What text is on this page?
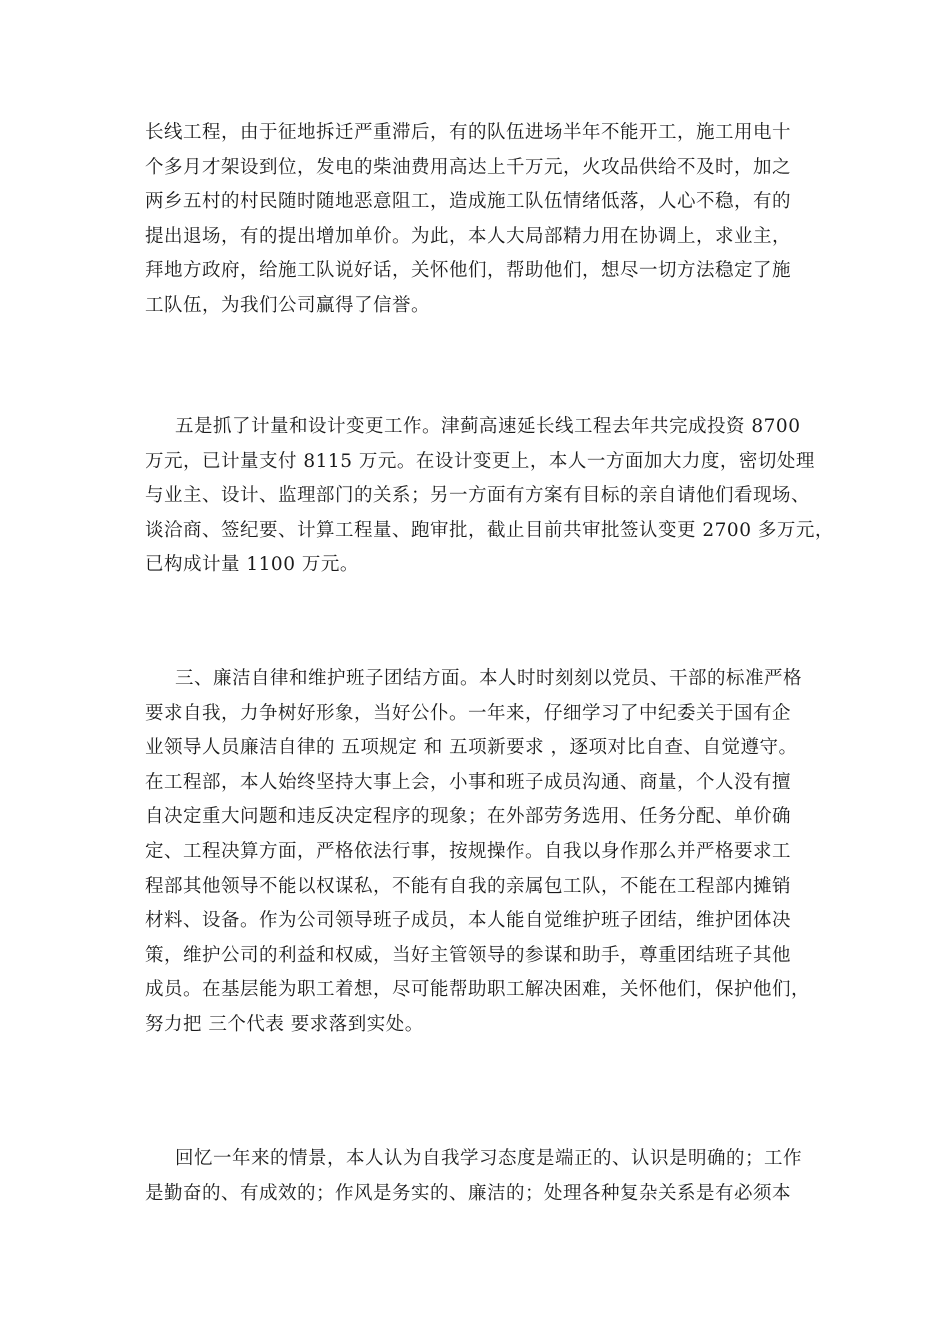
长线工程，由于征地拆迁严重滞后，有的队伍进场半年不能开工，施工用电十
个多月才架设到位，发电的柴油费用高达上千万元，火攻品供给不及时，加之
两乡五村的村民随时随地恶意阻工，造成施工队伍情绪低落，人心不稳，有的
提出退场，有的提出增加单价。为此，本人大局部精力用在协调上，求业主，
拜地方政府，给施工队说好话，关怀他们，帮助他们，想尽一切方法稳定了施
工队伍，为我们公司赢得了信誉。

五是抓了计量和设计变更工作。津蓟高速延长线工程去年共完成投资 8700
万元，已计量支付 8115 万元。在设计变更上，本人一方面加大力度，密切处理
与业主、设计、监理部门的关系；另一方面有方案有目标的亲自请他们看现场、
谈洽商、签纪要、计算工程量、跑审批，截止目前共审批签认变更 2700 多万元，
已构成计量 1100 万元。

三、廉洁自律和维护班子团结方面。本人时时刻刻以党员、干部的标准严格
要求自我，力争树好形象，当好公仆。一年来，仔细学习了中纪委关于国有企
业领导人员廉洁自律的 五项规定 和 五项新要求 ，逐项对比自查、自觉遵守。
在工程部，本人始终坚持大事上会，小事和班子成员沟通、商量，个人没有擅
自决定重大问题和违反决定程序的现象；在外部劳务选用、任务分配、单价确
定、工程决算方面，严格依法行事，按规操作。自我以身作那么并严格要求工
程部其他领导不能以权谋私，不能有自我的亲属包工队，不能在工程部内摊销
材料、设备。作为公司领导班子成员，本人能自觉维护班子团结，维护团体决
策，维护公司的利益和权威，当好主管领导的参谋和助手，尊重团结班子其他
成员。在基层能为职工着想，尽可能帮助职工解决困难，关怀他们，保护他们，
努力把 三个代表 要求落到实处。

回忆一年来的情景，本人认为自我学习态度是端正的、认识是明确的；工作
是勤奋的、有成效的；作风是务实的、廉洁的；处理各种复杂关系是有必须本
